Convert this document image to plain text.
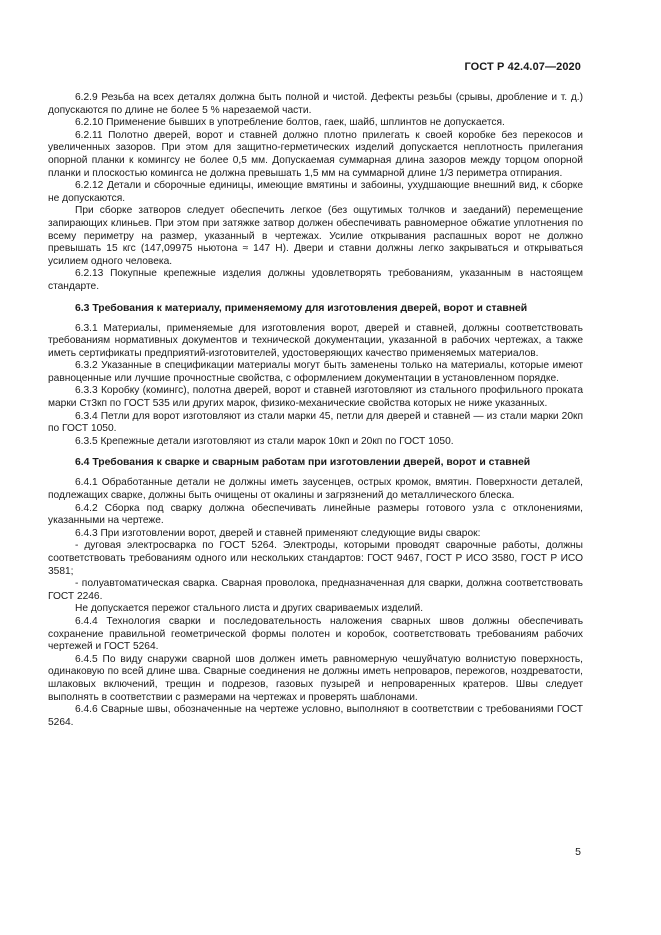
ГОСТ Р 42.4.07—2020

6.2.9 Резьба на всех деталях должна быть полной и чистой. Дефекты резьбы (срывы, дробление и т. д.) допускаются по длине не более 5 % нарезаемой части.

6.2.10 Применение бывших в употребление болтов, гаек, шайб, шплинтов не допускается.

6.2.11 Полотно дверей, ворот и ставней должно плотно прилегать к своей коробке без перекосов и увеличенных зазоров. При этом для защитно-герметических изделий допускается неплотность прилегания опорной планки к комингсу не более 0,5 мм. Допускаемая суммарная длина зазоров между торцом опорной планки и плоскостью комингса не должна превышать 1,5 мм на суммарной длине 1/3 периметра отпирания.

6.2.12 Детали и сборочные единицы, имеющие вмятины и забоины, ухудшающие внешний вид, к сборке не допускаются.

При сборке затворов следует обеспечить легкое (без ощутимых толчков и заеданий) перемещение запирающих клиньев. При этом при затяжке затвор должен обеспечивать равномерное обжатие уплотнения по всему периметру на размер, указанный в чертежах. Усилие открывания распашных ворот не должно превышать 15 кгс (147,09975 ньютона ≈ 147 Н). Двери и ставни должны легко закрываться и открываться усилием одного человека.

6.2.13 Покупные крепежные изделия должны удовлетворять требованиям, указанным в настоящем стандарте.

6.3 Требования к материалу, применяемому для изготовления дверей, ворот и ставней

6.3.1 Материалы, применяемые для изготовления ворот, дверей и ставней, должны соответствовать требованиям нормативных документов и технической документации, указанной в рабочих чертежах, а также иметь сертификаты предприятий-изготовителей, удостоверяющих качество применяемых материалов.

6.3.2 Указанные в спецификации материалы могут быть заменены только на материалы, которые имеют равноценные или лучшие прочностные свойства, с оформлением документации в установленном порядке.

6.3.3 Коробку (комингс), полотна дверей, ворот и ставней изготовляют из стального профильного проката марки Ст3кп по ГОСТ 535 или других марок, физико-механические свойства которых не ниже указанных.

6.3.4 Петли для ворот изготовляют из стали марки 45, петли для дверей и ставней — из стали марки 20кп по ГОСТ 1050.

6.3.5 Крепежные детали изготовляют из стали марок 10кп и 20кп по ГОСТ 1050.

6.4 Требования к сварке и сварным работам при изготовлении дверей, ворот и ставней

6.4.1 Обработанные детали не должны иметь заусенцев, острых кромок, вмятин. Поверхности деталей, подлежащих сварке, должны быть очищены от окалины и загрязнений до металлического блеска.

6.4.2 Сборка под сварку должна обеспечивать линейные размеры готового узла с отклонениями, указанными на чертеже.

6.4.3 При изготовлении ворот, дверей и ставней применяют следующие виды сварок:

- дуговая электросварка по ГОСТ 5264. Электроды, которыми проводят сварочные работы, должны соответствовать требованиям одного или нескольких стандартов: ГОСТ 9467, ГОСТ Р ИСО 3580, ГОСТ Р ИСО 3581;

- полуавтоматическая сварка. Сварная проволока, предназначенная для сварки, должна соответствовать ГОСТ 2246.

Не допускается пережог стального листа и других свариваемых изделий.

6.4.4 Технология сварки и последовательность наложения сварных швов должны обеспечивать сохранение правильной геометрической формы полотен и коробок, соответствовать требованиям рабочих чертежей и ГОСТ 5264.

6.4.5 По виду снаружи сварной шов должен иметь равномерную чешуйчатую волнистую поверхность, одинаковую по всей длине шва. Сварные соединения не должны иметь непроваров, пережогов, ноздреватости, шлаковых включений, трещин и подрезов, газовых пузырей и непроваренных кратеров. Швы следует выполнять в соответствии с размерами на чертежах и проверять шаблонами.

6.4.6 Сварные швы, обозначенные на чертеже условно, выполняют в соответствии с требованиями ГОСТ 5264.

5
